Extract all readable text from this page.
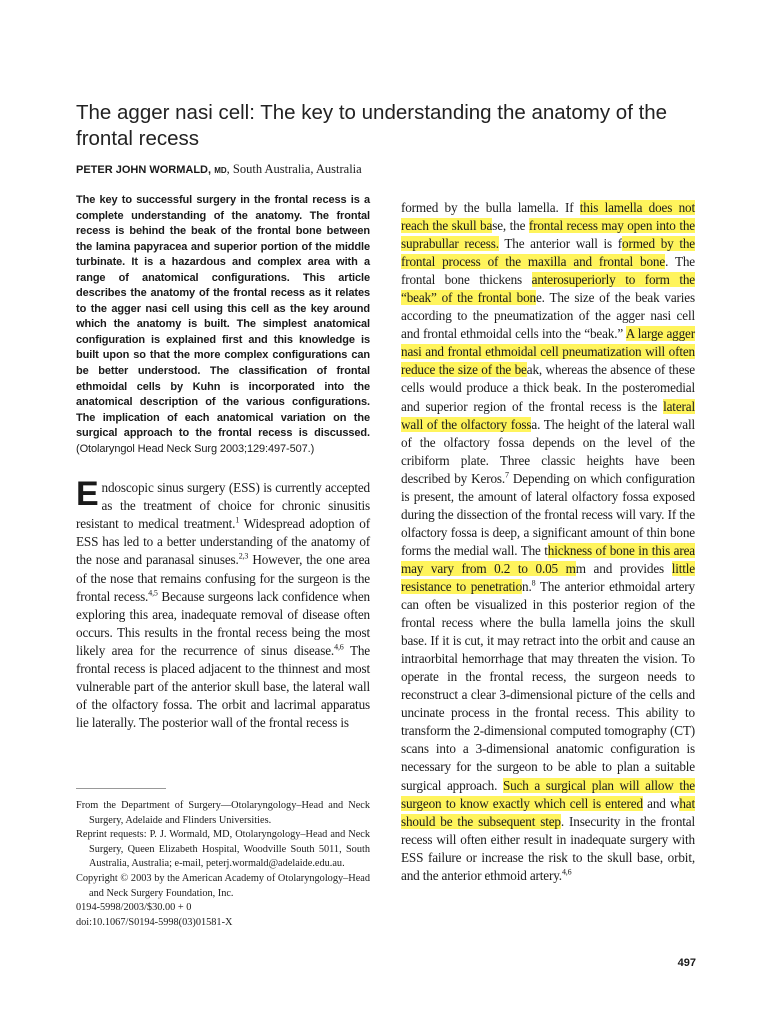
The agger nasi cell: The key to understanding the anatomy of the frontal recess
PETER JOHN WORMALD, MD, South Australia, Australia

The key to successful surgery in the frontal recess is a complete understanding of the anatomy. The frontal recess is behind the beak of the frontal bone between the lamina papyracea and superior portion of the middle turbinate. It is a hazardous and complex area with a range of anatomical configurations. This article describes the anatomy of the frontal recess as it relates to the agger nasi cell using this cell as the key around which the anatomy is built. The simplest anatomical configuration is explained first and this knowledge is built upon so that the more complex configurations can be better understood. The classification of frontal ethmoidal cells by Kuhn is incorporated into the anatomical description of the various configurations. The implication of each anatomical variation on the surgical approach to the frontal recess is discussed. (Otolaryngol Head Neck Surg 2003;129:497-507.)

Endoscopic sinus surgery (ESS) is currently accepted as the treatment of choice for chronic sinusitis resistant to medical treatment.$^1$ Widespread adoption of ESS has led to a better understanding of the anatomy of the nose and paranasal sinuses.$^{2,3}$ However, the one area of the nose that remains confusing for the surgeon is the frontal recess.$^{4,5}$ Because surgeons lack confidence when exploring this area, inadequate removal of disease often occurs. This results in the frontal recess being the most likely area for the recurrence of sinus disease.$^{4,6}$ The frontal recess is placed adjacent to the thinnest and most vulnerable part of the anterior skull base, the lateral wall of the olfactory fossa. The orbit and lacrimal apparatus lie laterally. The posterior wall of the frontal recess is

From the Department of Surgery—Otolaryngology–Head and Neck Surgery, Adelaide and Flinders Universities.

Reprint requests: P. J. Wormald, MD, Otolaryngology–Head and Neck Surgery, Queen Elizabeth Hospital, Woodville South 5011, South Australia, Australia; e-mail, peterj.wormald@adelaide.edu.au.

Copyright © 2003 by the American Academy of Otolaryngology–Head and Neck Surgery Foundation, Inc.

0194-5998/2003/$30.00 + 0

doi:10.1067/S0194-5998(03)01581-X

formed by the bulla lamella. If this lamella does not reach the skull base, the frontal recess may open into the suprabullar recess. The anterior wall is formed by the frontal process of the maxilla and frontal bone. The frontal bone thickens anterosuperiorly to form the “beak” of the frontal bone. The size of the beak varies according to the pneumatization of the agger nasi cell and frontal ethmoidal cells into the “beak.” A large agger nasi and frontal ethmoidal cell pneumatization will often reduce the size of the beak, whereas the absence of these cells would produce a thick beak. In the posteromedial and superior region of the frontal recess is the lateral wall of the olfactory fossa. The height of the lateral wall of the olfactory fossa depends on the level of the cribiform plate. Three classic heights have been described by Keros.$^7$ Depending on which configuration is present, the amount of lateral olfactory fossa exposed during the dissection of the frontal recess will vary. If the olfactory fossa is deep, a significant amount of thin bone forms the medial wall. The thickness of bone in this area may vary from 0.2 to 0.05 mm and provides little resistance to penetration.$^8$ The anterior ethmoidal artery can often be visualized in this posterior region of the frontal recess where the bulla lamella joins the skull base. If it is cut, it may retract into the orbit and cause an intraorbital hemorrhage that may threaten the vision. To operate in the frontal recess, the surgeon needs to reconstruct a clear 3-dimensional picture of the cells and uncinate process in the frontal recess. This ability to transform the 2-dimensional computed tomography (CT) scans into a 3-dimensional anatomic configuration is necessary for the surgeon to be able to plan a suitable surgical approach. Such a surgical plan will allow the surgeon to know exactly which cell is entered and what should be the subsequent step. Insecurity in the frontal recess will often either result in inadequate surgery with ESS failure or increase the risk to the skull base, orbit, and the anterior ethmoid artery.$^{4,6}$

497
